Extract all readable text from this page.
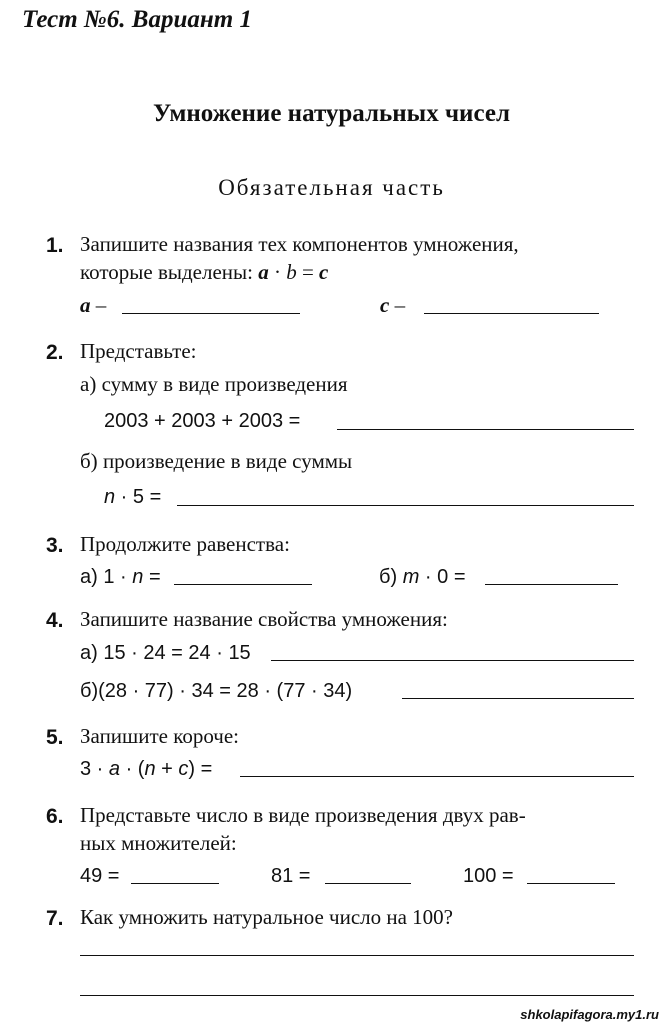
Тест №6. Вариант 1
Умножение натуральных чисел
Обязательная часть
1. Запишите названия тех компонентов умножения,
которые выделены: a · b = c
a –	c –
2. Представьте:
а) сумму в виде произведения
2003 + 2003 + 2003 =
б) произведение в виде суммы
n · 5 =
3. Продолжите равенства:
а) 1 · n =	б) m · 0 =
4. Запишите название свойства умножения:
а) 15 · 24 = 24 · 15
б)(28 · 77) · 34 = 28 · (77 · 34)
5. Запишите короче:
3 · a · (n + c) =
6. Представьте число в виде произведения двух рав-
ных множителей:
49 =	81 =	100 =
7. Как умножить натуральное число на 100?
shkolapifagora.my1.ru
